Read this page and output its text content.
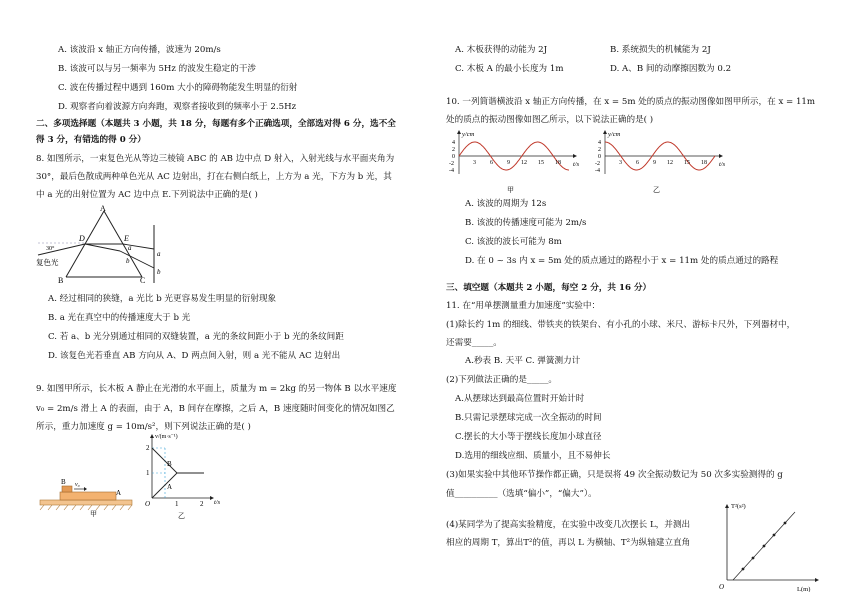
A. 该波沿 x 轴正方向传播，波速为 20m/s
B. 该波可以与另一频率为 5Hz 的波发生稳定的干涉
C. 波在传播过程中遇到 160m 大小的障碍物能发生明显的衍射
D. 观察者向着波源方向奔跑，观察者接收到的频率小于 2.5Hz
二、多项选择题（本题共 3 小题，共 18 分，每题有多个正确选项，全部选对得 6 分，选不全
得 3 分，有错选的得 0 分）
8. 如图所示，一束复色光从等边三棱镜 ABC 的 AB 边中点 D 射入，入射光线与水平面夹角为
30°，最后色散成两种单色光从 AC 边射出，打在右侧白纸上，上方为 a 光，下方为 b 光，其
中 a 光的出射位置为 AC 边中点 E.下列说法中正确的是( )
A
B	C
D	E
a
b
a
b
30°
复色光
A. 经过相同的狭缝，a 光比 b 光更容易发生明显的衍射现象
B. a 光在真空中的传播速度大于 b 光
C. 若 a、b 光分别通过相同的双缝装置，a 光的条纹间距小于 b 光的条纹间距
D. 该复色光若垂直 AB 方向从 A、D 两点间入射，则 a 光不能从 AC 边射出
9. 如图甲所示，长木板 A 静止在光滑的水平面上，质量为 m = 2kg 的另一物体 B 以水平速度
v₀ = 2m/s 滑上 A 的表面，由于 A，B 间存在摩擦，之后 A，B 速度随时间变化的情况如图乙
所示，重力加速度 g = 10m/s²，则下列说法正确的是( )
B v₀
A
甲
v/(m·s⁻¹)
t/s
2
1
1	2
O
B
A
乙
A. 木板获得的动能为 2J	B. 系统损失的机械能为 2J
C. 木板 A 的最小长度为 1m	D. A、B 间的动摩擦因数为 0.2
10. 一列简谐横波沿 x 轴正方向传播，在 x = 5m 处的质点的振动图像如图甲所示，在 x = 11m
处的质点的振动图像如图乙所示，以下说法正确的是( )
y/cm
t/s
4
2
0
-2
-4
3 6 9 12 15 18
甲
y/cm
t/s
4
2
0
-2
-4
3 6 9 12 15 18
乙
A. 该波的周期为 12s
B. 该波的传播速度可能为 2m/s
C. 该波的波长可能为 8m
D. 在 0 ~ 3s 内 x = 5m 处的质点通过的路程小于 x = 11m 处的质点通过的路程
三、填空题（本题共 2 小题，每空 2 分，共 16 分）
11. 在“用单摆测量重力加速度”实验中：
(1)除长约 1m 的细线、带铁夹的铁架台、有小孔的小球、米尺、游标卡尺外，下列器材中，
还需要_____。
A.秒表 B. 天平 C. 弹簧测力计
(2)下列做法正确的是_____。
A.从摆球达到最高位置时开始计时
B.只需记录摆球完成一次全振动的时间
C.摆长的大小等于摆线长度加小球直径
D.选用的细线应细、质量小，且不易伸长
(3)如果实验中其他环节操作都正确，只是误将 49 次全振动数记为 50 次多实验测得的 g
值__________（选填“偏小”，“偏大”）。
(4)某同学为了提高实验精度，在实验中改变几次摆长 L，并测出
相应的周期 T，算出T²的值，再以 L 为横轴、T²为纵轴建立直角
T²(s²)
L(m)
O
